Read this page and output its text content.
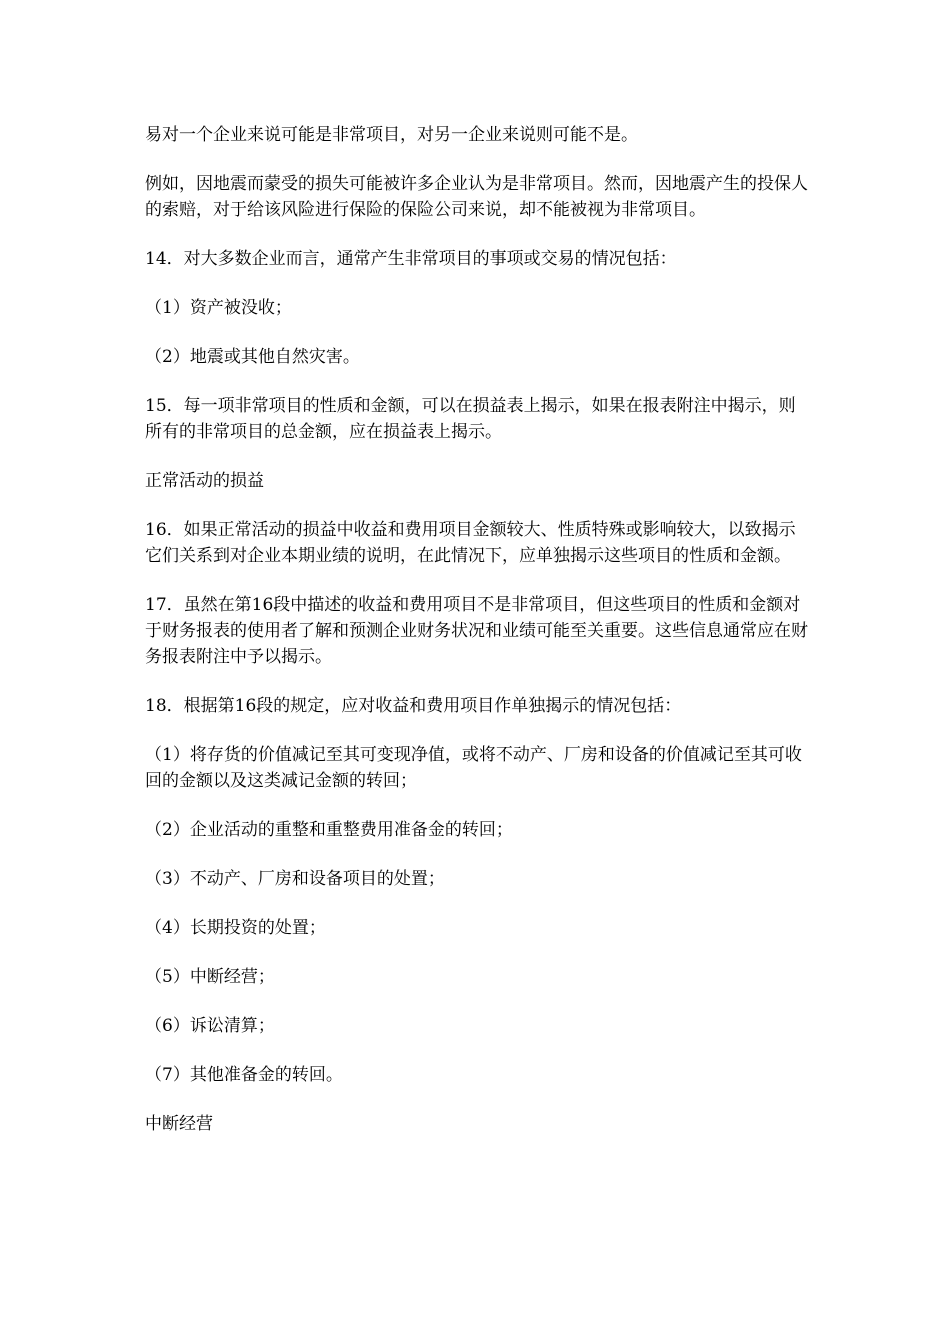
易对一个企业来说可能是非常项目，对另一企业来说则可能不是。

例如，因地震而蒙受的损失可能被许多企业认为是非常项目。然而，因地震产生的投保人的索赔，对于给该风险进行保险的保险公司来说，却不能被视为非常项目。

14．对大多数企业而言，通常产生非常项目的事项或交易的情况包括：

（1）资产被没收；

（2）地震或其他自然灾害。

15．每一项非常项目的性质和金额，可以在损益表上揭示，如果在报表附注中揭示，则所有的非常项目的总金额，应在损益表上揭示。

正常活动的损益

16．如果正常活动的损益中收益和费用项目金额较大、性质特殊或影响较大，以致揭示它们关系到对企业本期业绩的说明，在此情况下，应单独揭示这些项目的性质和金额。

17．虽然在第16段中描述的收益和费用项目不是非常项目，但这些项目的性质和金额对于财务报表的使用者了解和预测企业财务状况和业绩可能至关重要。这些信息通常应在财务报表附注中予以揭示。

18．根据第16段的规定，应对收益和费用项目作单独揭示的情况包括：

（1）将存货的价值减记至其可变现净值，或将不动产、厂房和设备的价值减记至其可收回的金额以及这类减记金额的转回；

（2）企业活动的重整和重整费用准备金的转回；

（3）不动产、厂房和设备项目的处置；

（4）长期投资的处置；

（5）中断经营；

（6）诉讼清算；

（7）其他准备金的转回。

中断经营
